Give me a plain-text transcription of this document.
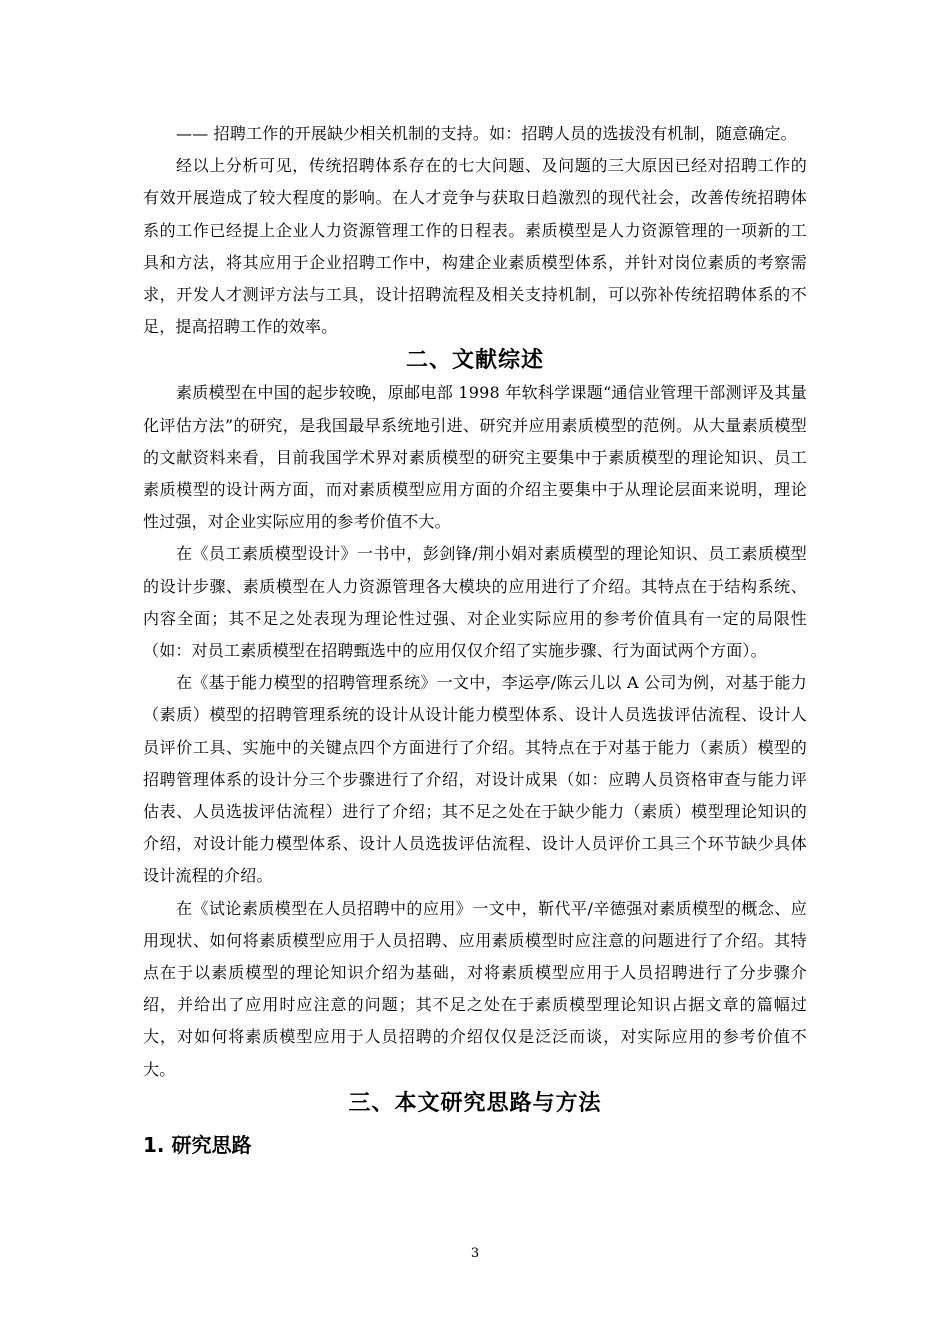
—— 招聘工作的开展缺少相关机制的支持。如：招聘人员的选拔没有机制，随意确定。

经以上分析可见，传统招聘体系存在的七大问题、及问题的三大原因已经对招聘工作的有效开展造成了较大程度的影响。在人才竞争与获取日趋激烈的现代社会，改善传统招聘体系的工作已经提上企业人力资源管理工作的日程表。素质模型是人力资源管理的一项新的工具和方法，将其应用于企业招聘工作中，构建企业素质模型体系，并针对岗位素质的考察需求，开发人才测评方法与工具，设计招聘流程及相关支持机制，可以弥补传统招聘体系的不足，提高招聘工作的效率。

二、文献综述

素质模型在中国的起步较晚，原邮电部 1998 年软科学课题“通信业管理干部测评及其量化评估方法”的研究，是我国最早系统地引进、研究并应用素质模型的范例。从大量素质模型的文献资料来看，目前我国学术界对素质模型的研究主要集中于素质模型的理论知识、员工素质模型的设计两方面，而对素质模型应用方面的介绍主要集中于从理论层面来说明，理论性过强，对企业实际应用的参考价值不大。

在《员工素质模型设计》一书中，彭剑锋/荆小娟对素质模型的理论知识、员工素质模型的设计步骤、素质模型在人力资源管理各大模块的应用进行了介绍。其特点在于结构系统、内容全面；其不足之处表现为理论性过强、对企业实际应用的参考价值具有一定的局限性（如：对员工素质模型在招聘甄选中的应用仅仅介绍了实施步骤、行为面试两个方面）。

在《基于能力模型的招聘管理系统》一文中，李运亭/陈云儿以 A 公司为例，对基于能力（素质）模型的招聘管理系统的设计从设计能力模型体系、设计人员选拔评估流程、设计人员评价工具、实施中的关键点四个方面进行了介绍。其特点在于对基于能力（素质）模型的招聘管理体系的设计分三个步骤进行了介绍，对设计成果（如：应聘人员资格审查与能力评估表、人员选拔评估流程）进行了介绍；其不足之处在于缺少能力（素质）模型理论知识的介绍，对设计能力模型体系、设计人员选拔评估流程、设计人员评价工具三个环节缺少具体设计流程的介绍。

在《试论素质模型在人员招聘中的应用》一文中，靳代平/辛德强对素质模型的概念、应用现状、如何将素质模型应用于人员招聘、应用素质模型时应注意的问题进行了介绍。其特点在于以素质模型的理论知识介绍为基础，对将素质模型应用于人员招聘进行了分步骤介绍，并给出了应用时应注意的问题；其不足之处在于素质模型理论知识占据文章的篇幅过大，对如何将素质模型应用于人员招聘的介绍仅仅是泛泛而谈，对实际应用的参考价值不大。

三、本文研究思路与方法
1. 研究思路
3
